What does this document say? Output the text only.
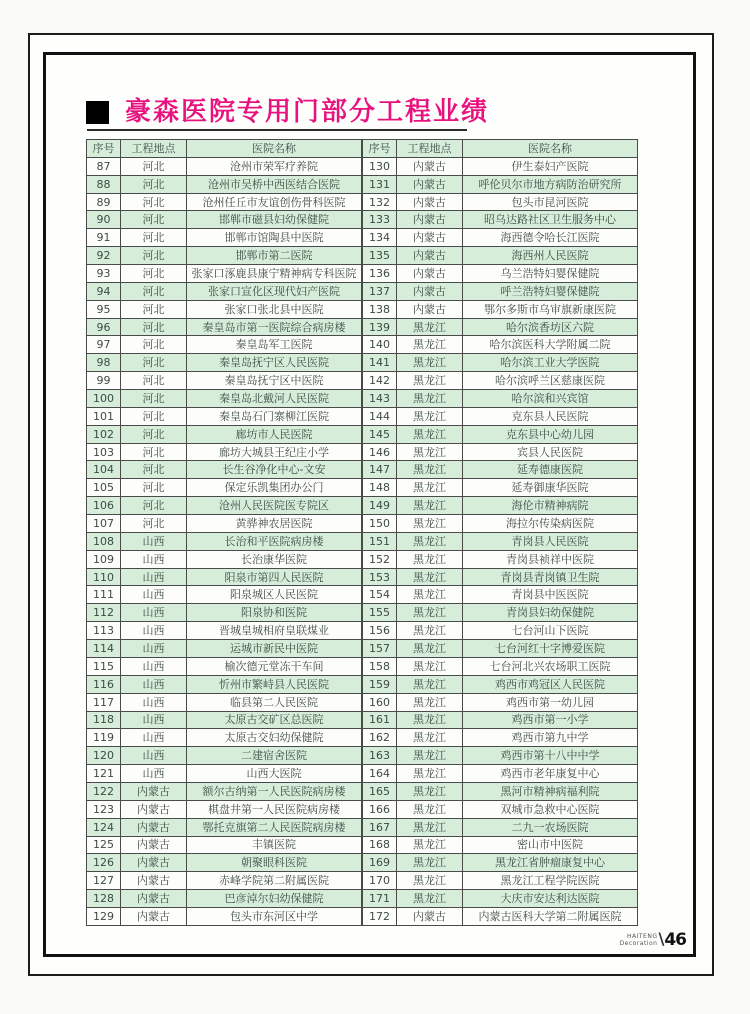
豪森医院专用门部分工程业绩
序号	工程地点	医院名称
87	河北	沧州市荣军疗养院
88	河北	沧州市吴桥中西医结合医院
89	河北	沧州任丘市友谊创伤骨科医院
90	河北	邯郸市磁县妇幼保健院
91	河北	邯郸市馆陶县中医院
92	河北	邯郸市第二医院
93	河北	张家口涿鹿县康宁精神病专科医院
94	河北	张家口宣化区现代妇产医院
95	河北	张家口张北县中医院
96	河北	秦皇岛市第一医院综合病房楼
97	河北	秦皇岛军工医院
98	河北	秦皇岛抚宁区人民医院
99	河北	秦皇岛抚宁区中医院
100	河北	秦皇岛北戴河人民医院
101	河北	秦皇岛石门寨柳江医院
102	河北	廊坊市人民医院
103	河北	廊坊大城县王纪庄小学
104	河北	长生谷净化中心-文安
105	河北	保定乐凯集团办公门
106	河北	沧州人民医院医专院区
107	河北	黄骅神农居医院
108	山西	长治和平医院病房楼
109	山西	长治康华医院
110	山西	阳泉市第四人民医院
111	山西	阳泉城区人民医院
112	山西	阳泉协和医院
113	山西	晋城皇城相府皇联煤业
114	山西	运城市新民中医院
115	山西	榆次德元堂冻干车间
116	山西	忻州市繁峙县人民医院
117	山西	临县第二人民医院
118	山西	太原古交矿区总医院
119	山西	太原古交妇幼保健院
120	山西	二建宿舍医院
121	山西	山西大医院
122	内蒙古	额尔古纳第一人民医院病房楼
123	内蒙古	棋盘井第一人民医院病房楼
124	内蒙古	鄂托克旗第二人民医院病房楼
125	内蒙古	丰镇医院
126	内蒙古	朝聚眼科医院
127	内蒙古	赤峰学院第二附属医院
128	内蒙古	巴彦淖尔妇幼保健院
129	内蒙古	包头市东河区中学
序号	工程地点	医院名称
130	内蒙古	伊生泰妇产医院
131	内蒙古	呼伦贝尔市地方病防治研究所
132	内蒙古	包头市昆河医院
133	内蒙古	昭乌达路社区卫生服务中心
134	内蒙古	海西德令哈长江医院
135	内蒙古	海西州人民医院
136	内蒙古	乌兰浩特妇婴保健院
137	内蒙古	呼兰浩特妇婴保健院
138	内蒙古	鄂尔多斯市乌审旗新康医院
139	黑龙江	哈尔滨香坊区六院
140	黑龙江	哈尔滨医科大学附属二院
141	黑龙江	哈尔滨工业大学医院
142	黑龙江	哈尔滨呼兰区慈康医院
143	黑龙江	哈尔滨和兴宾馆
144	黑龙江	克东县人民医院
145	黑龙江	克东县中心幼儿园
146	黑龙江	宾县人民医院
147	黑龙江	延寿德康医院
148	黑龙江	延寿御康华医院
149	黑龙江	海伦市精神病院
150	黑龙江	海拉尔传染病医院
151	黑龙江	青岗县人民医院
152	黑龙江	青岗县祯祥中医院
153	黑龙江	青岗县青岗镇卫生院
154	黑龙江	青岗县中医医院
155	黑龙江	青岗县妇幼保健院
156	黑龙江	七台河山下医院
157	黑龙江	七台河红十字博爱医院
158	黑龙江	七台河北兴农场职工医院
159	黑龙江	鸡西市鸡冠区人民医院
160	黑龙江	鸡西市第一幼儿园
161	黑龙江	鸡西市第一小学
162	黑龙江	鸡西市第九中学
163	黑龙江	鸡西市第十八中中学
164	黑龙江	鸡西市老年康复中心
165	黑龙江	黑河市精神病福利院
166	黑龙江	双城市急救中心医院
167	黑龙江	二九一农场医院
168	黑龙江	密山市中医院
169	黑龙江	黑龙江省肿瘤康复中心
170	黑龙江	黑龙江工程学院医院
171	黑龙江	大庆市安达利达医院
172	内蒙古	内蒙古医科大学第二附属医院
HAITENG
Decoration \ 46
